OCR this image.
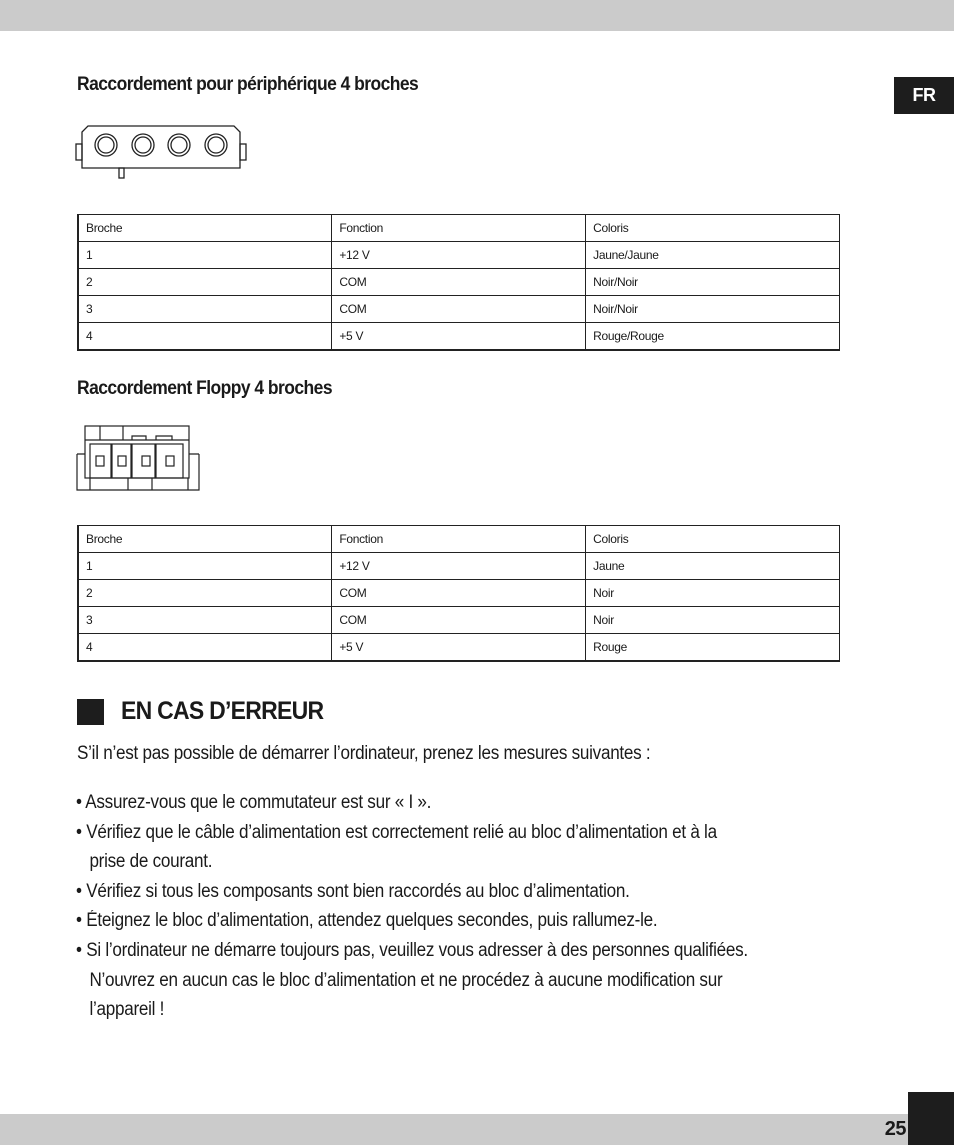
FR
Raccordement pour périphérique 4 broches
Broche	Fonction	Coloris
1	+12 V	Jaune/Jaune
2	COM	Noir/Noir
3	COM	Noir/Noir
4	+5 V	Rouge/Rouge
Raccordement Floppy 4 broches
Broche	Fonction	Coloris
1	+12 V	Jaune
2	COM	Noir
3	COM	Noir
4	+5 V	Rouge
EN CAS D’ERREUR
S’il n’est pas possible de démarrer l’ordinateur, prenez les mesures suivantes :
• Assurez-vous que le commutateur est sur « I ».
• Vérifiez que le câble d’alimentation est correctement relié au bloc d’alimentation et à la
prise de courant.
• Vérifiez si tous les composants sont bien raccordés au bloc d’alimentation.
• Éteignez le bloc d’alimentation, attendez quelques secondes, puis rallumez-le.
• Si l’ordinateur ne démarre toujours pas, veuillez vous adresser à des personnes qualifiées.
N’ouvrez en aucun cas le bloc d’alimentation et ne procédez à aucune modification sur
l’appareil !
25
